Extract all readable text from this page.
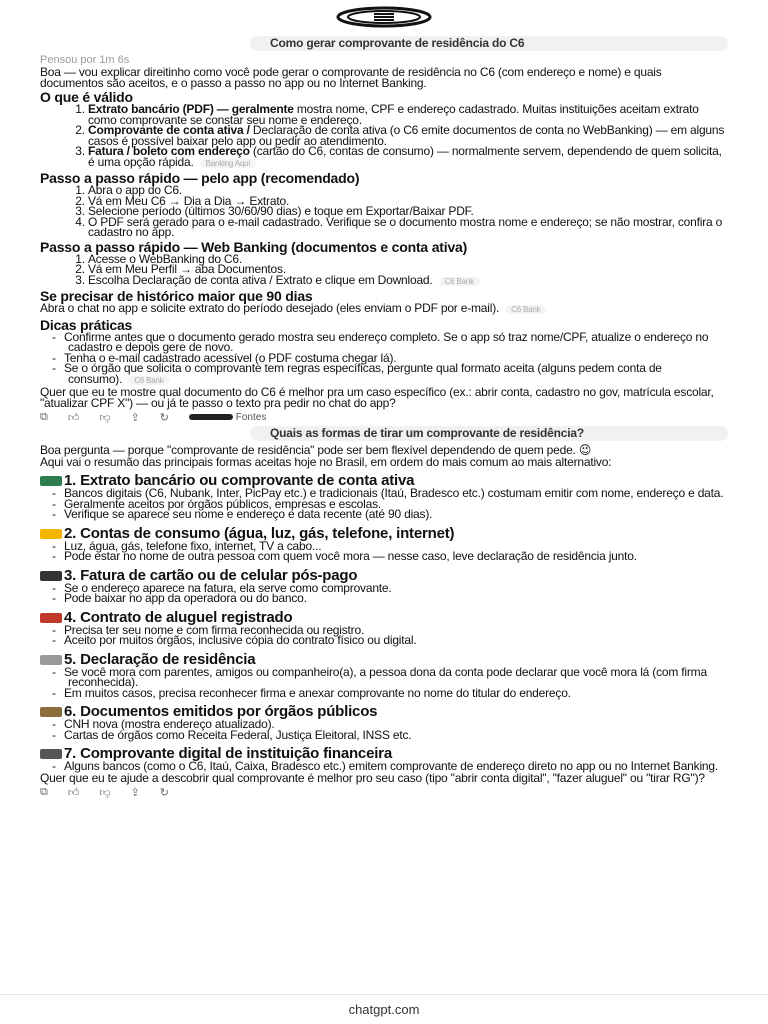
Como gerar comprovante de residência do C6
Pensou por 1m 6s

Boa — vou explicar direitinho como você pode gerar o comprovante de residência no C6 (com endereço e nome) e quais documentos são aceitos, e o passo a passo no app ou no Internet Banking.

O que é válido
1. Extrato bancário (PDF) — geralmente mostra nome, CPF e endereço cadastrado. Muitas instituições aceitam extrato como comprovante se constar seu nome e endereço.
2. Comprovante de conta ativa / Declaração de conta ativa (o C6 emite documentos de conta no WebBanking) — em alguns casos é possível baixar pelo app ou pedir ao atendimento.
3. Fatura / boleto com endereço (cartão do C6, contas de consumo) — normalmente servem, dependendo de quem solicita, é uma opção rápida. Banking Aqui
Passo a passo rápido — pelo app (recomendado)
1. Abra o app do C6.
2. Vá em Meu C6 → Dia a Dia → Extrato.
3. Selecione período (últimos 30/60/90 dias) e toque em Exportar/Baixar PDF.
4. O PDF será gerado para o e-mail cadastrado. Verifique se o documento mostra nome e endereço; se não mostrar, confira o cadastro no app.
Passo a passo rápido — Web Banking (documentos e conta ativa)
1. Acesse o WebBanking do C6.
2. Vá em Meu Perfil → aba Documentos.
3. Escolha Declaração de conta ativa / Extrato e clique em Download. C6 Bank
Se precisar de histórico maior que 90 dias

Abra o chat no app e solicite extrato do período desejado (eles enviam o PDF por e-mail). C6 Bank

Dicas práticas
- Confirme antes que o documento gerado mostra seu endereço completo. Se o app só traz nome/CPF, atualize o endereço no cadastro e depois gere de novo.
- Tenha o e-mail cadastrado acessível (o PDF costuma chegar lá).
- Se o órgão que solicita o comprovante tem regras específicas, pergunte qual formato aceita (alguns pedem conta de consumo). C6 Bank

Quer que eu te mostre qual documento do C6 é melhor pra um caso específico (ex.: abrir conta, cadastro no gov, matrícula escolar, "atualizar CPF X") — ou já te passo o texto pra pedir no chat do app?

⧉ 👍︎ 👎︎ ⇪ ↻	Fontes
Quais as formas de tirar um comprovante de residência?

Boa pergunta — porque "comprovante de residência" pode ser bem flexível dependendo de quem pede. 😉

Aqui vai o resumão das principais formas aceitas hoje no Brasil, em ordem do mais comum ao mais alternativo:

1. Extrato bancário ou comprovante de conta ativa
- Bancos digitais (C6, Nubank, Inter, PicPay etc.) e tradicionais (Itaú, Bradesco etc.) costumam emitir com nome, endereço e data.
- Geralmente aceitos por órgãos públicos, empresas e escolas.
- Verifique se aparece seu nome e endereço e data recente (até 90 dias).
2. Contas de consumo (água, luz, gás, telefone, internet)
- Luz, água, gás, telefone fixo, internet, TV a cabo...
- Pode estar no nome de outra pessoa com quem você mora — nesse caso, leve declaração de residência junto.
3. Fatura de cartão ou de celular pós-pago
- Se o endereço aparece na fatura, ela serve como comprovante.
- Pode baixar no app da operadora ou do banco.
4. Contrato de aluguel registrado
- Precisa ter seu nome e com firma reconhecida ou registro.
- Aceito por muitos órgãos, inclusive cópia do contrato físico ou digital.
5. Declaração de residência
- Se você mora com parentes, amigos ou companheiro(a), a pessoa dona da conta pode declarar que você mora lá (com firma reconhecida).
- Em muitos casos, precisa reconhecer firma e anexar comprovante no nome do titular do endereço.
6. Documentos emitidos por órgãos públicos
- CNH nova (mostra endereço atualizado).
- Cartas de órgãos como Receita Federal, Justiça Eleitoral, INSS etc.
7. Comprovante digital de instituição financeira
- Alguns bancos (como o C6, Itaú, Caixa, Bradesco etc.) emitem comprovante de endereço direto no app ou no Internet Banking.

Quer que eu te ajude a descobrir qual comprovante é melhor pro seu caso (tipo "abrir conta digital", "fazer aluguel" ou "tirar RG")?

⧉ 👍︎ 👎︎ ⇪ ↻
chatgpt.com
